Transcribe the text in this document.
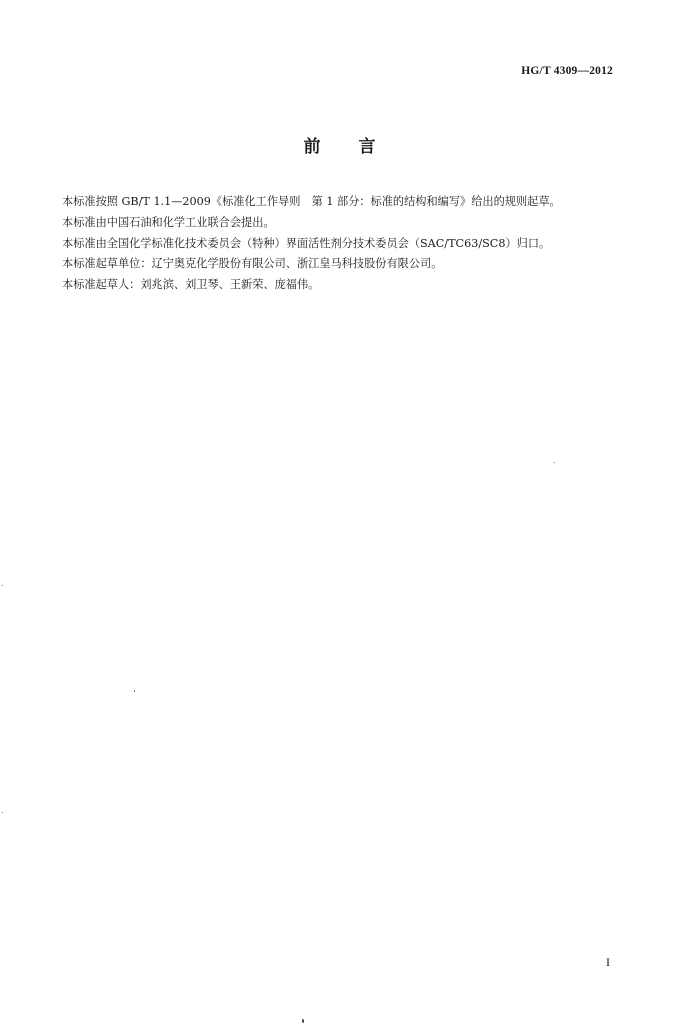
HG/T 4309—2012
前言

本标准按照 GB/T 1.1—2009《标准化工作导则　第 1 部分：标准的结构和编写》给出的规则起草。

本标准由中国石油和化学工业联合会提出。

本标准由全国化学标准化技术委员会（特种）界面活性剂分技术委员会（SAC/TC63/SC8）归口。

本标准起草单位：辽宁奥克化学股份有限公司、浙江皇马科技股份有限公司。

本标准起草人：刘兆滨、刘卫琴、王新荣、庞福伟。

I
